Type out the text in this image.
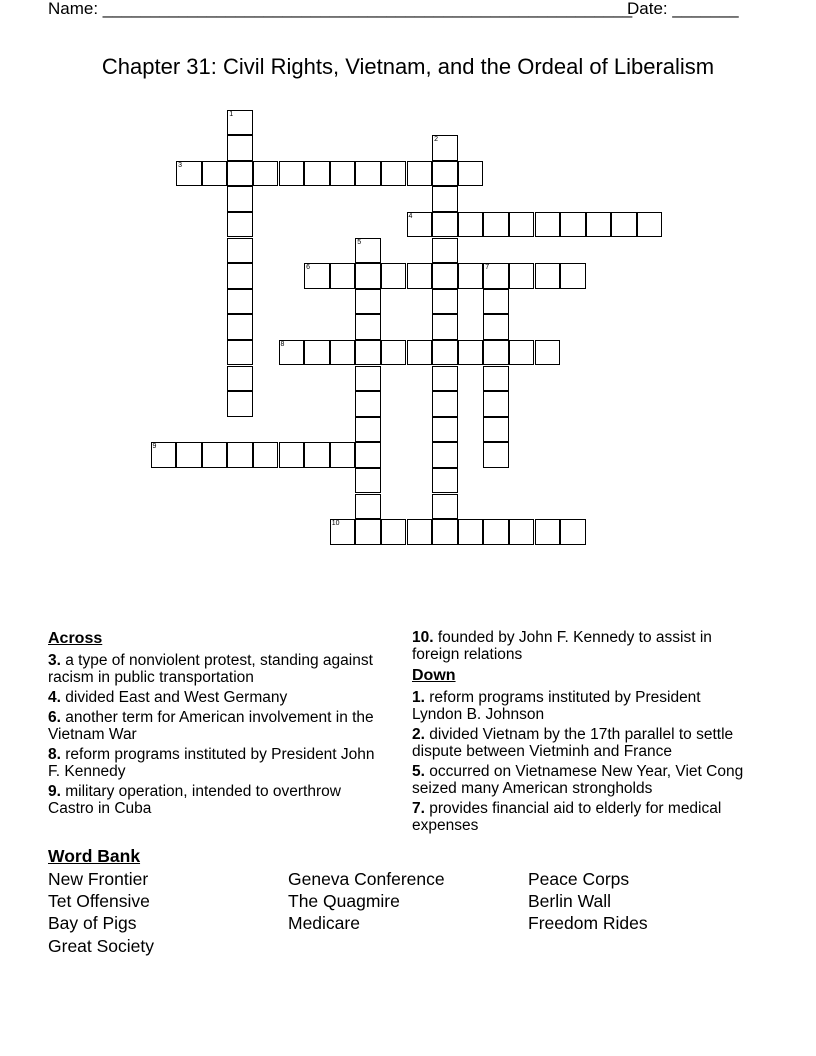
Name: ________________________________________________________
Date: _______
Chapter 31: Civil Rights, Vietnam, and the Ordeal of Liberalism
1
2
3
4
5
6	7
8
9
10
Across
3. a type of nonviolent protest, standing against racism in public transportation
4. divided East and West Germany
6. another term for American involvement in the Vietnam War
8. reform programs instituted by President John F. Kennedy
9. military operation, intended to overthrow Castro in Cuba
10. founded by John F. Kennedy to assist in foreign relations
Down
1. reform programs instituted by President Lyndon B. Johnson
2. divided Vietnam by the 17th parallel to settle dispute between Vietminh and France
5. occurred on Vietnamese New Year, Viet Cong seized many American strongholds
7. provides financial aid to elderly for medical expenses
Word Bank
New Frontier
Tet Offensive
Bay of Pigs
Great Society
Geneva Conference
The Quagmire
Medicare
Peace Corps
Berlin Wall
Freedom Rides
